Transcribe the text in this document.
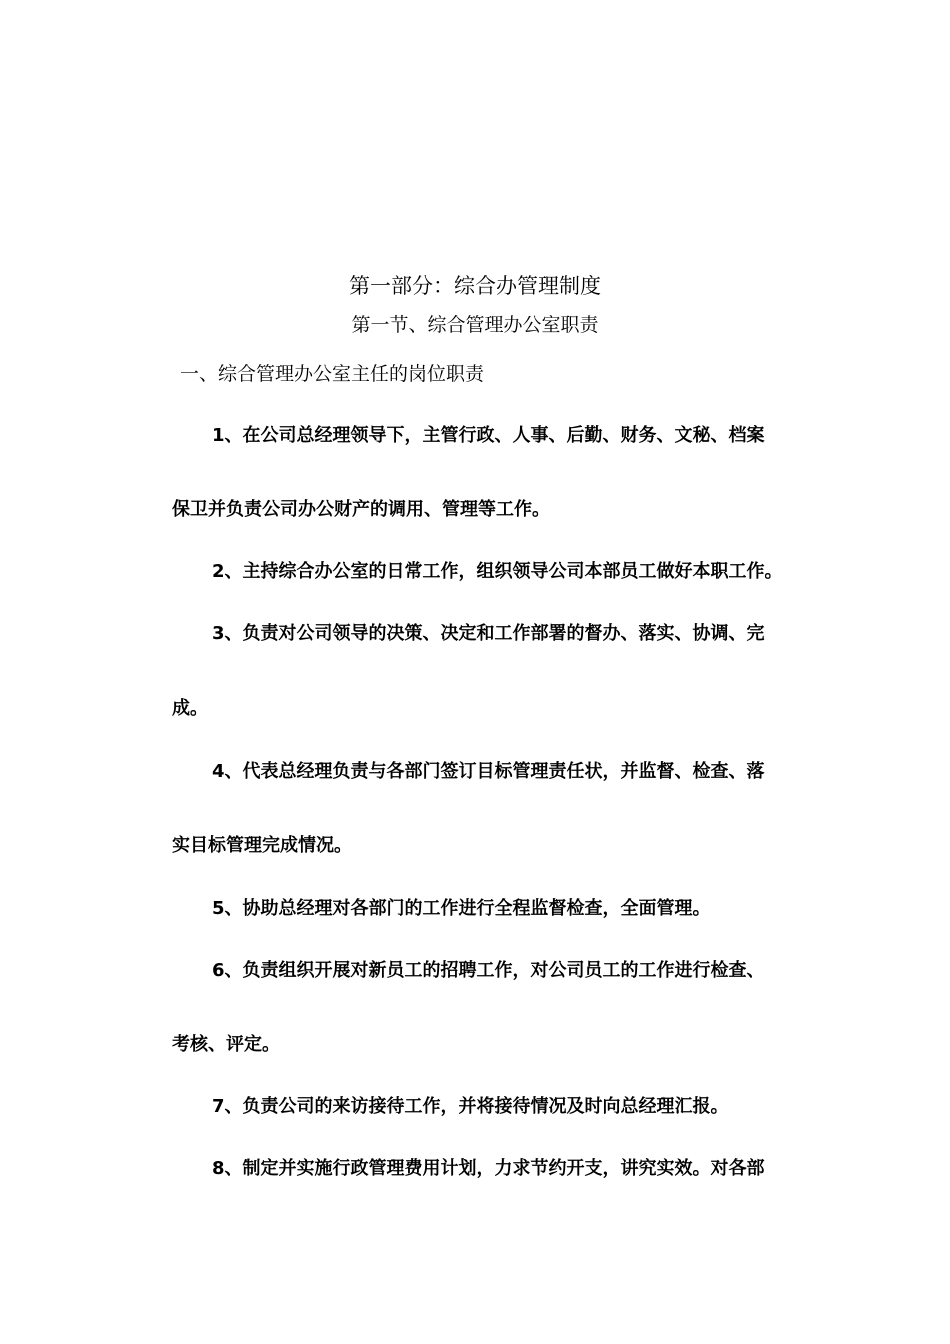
第一部分：综合办管理制度
第一节、综合管理办公室职责
一、综合管理办公室主任的岗位职责
1、在公司总经理领导下，主管行政、人事、后勤、财务、文秘、档案
保卫并负责公司办公财产的调用、管理等工作。
2、主持综合办公室的日常工作，组织领导公司本部员工做好本职工作。
3、负责对公司领导的决策、决定和工作部署的督办、落实、协调、完
成。
4、代表总经理负责与各部门签订目标管理责任状，并监督、检查、落
实目标管理完成情况。
5、协助总经理对各部门的工作进行全程监督检查，全面管理。
6、负责组织开展对新员工的招聘工作，对公司员工的工作进行检查、
考核、评定。
7、负责公司的来访接待工作，并将接待情况及时向总经理汇报。
8、制定并实施行政管理费用计划，力求节约开支，讲究实效。对各部
